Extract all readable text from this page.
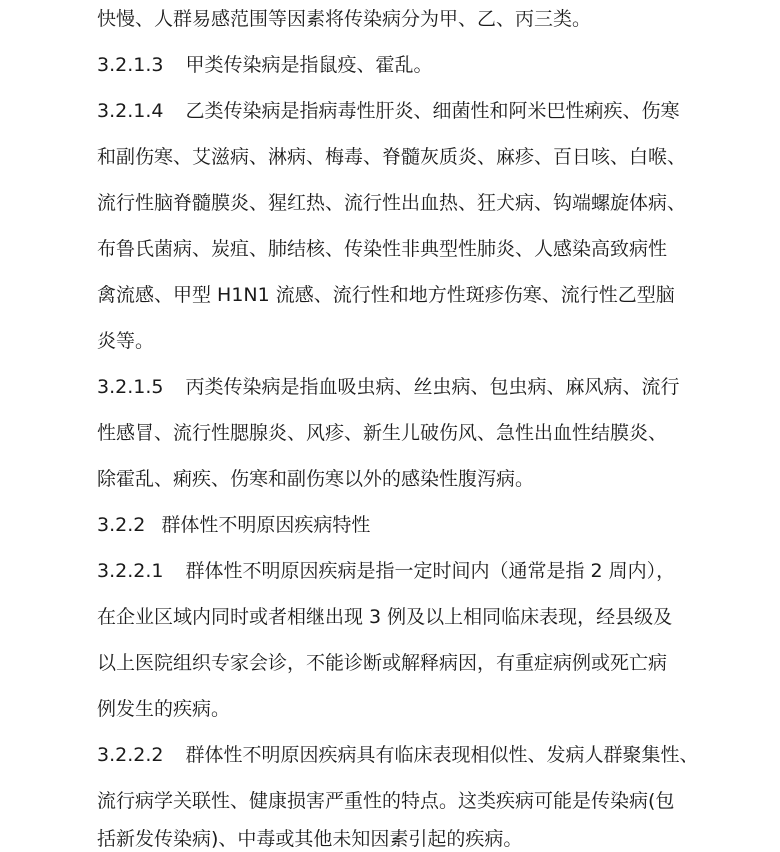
快慢、人群易感范围等因素将传染病分为甲、乙、丙三类。
3.2.1.3 甲类传染病是指鼠疫、霍乱。
3.2.1.4 乙类传染病是指病毒性肝炎、细菌性和阿米巴性痢疾、伤寒
和副伤寒、艾滋病、淋病、梅毒、脊髓灰质炎、麻疹、百日咳、白喉、
流行性脑脊髓膜炎、猩红热、流行性出血热、狂犬病、钩端螺旋体病、
布鲁氏菌病、炭疽、肺结核、传染性非典型性肺炎、人感染高致病性
禽流感、甲型 H1N1 流感、流行性和地方性斑疹伤寒、流行性乙型脑
炎等。
3.2.1.5 丙类传染病是指血吸虫病、丝虫病、包虫病、麻风病、流行
性感冒、流行性腮腺炎、风疹、新生儿破伤风、急性出血性结膜炎、
除霍乱、痢疾、伤寒和副伤寒以外的感染性腹泻病。
3.2.2 群体性不明原因疾病特性
3.2.2.1 群体性不明原因疾病是指一定时间内（通常是指 2 周内），
在企业区域内同时或者相继出现 3 例及以上相同临床表现，经县级及
以上医院组织专家会诊，不能诊断或解释病因，有重症病例或死亡病
例发生的疾病。
3.2.2.2 群体性不明原因疾病具有临床表现相似性、发病人群聚集性、
流行病学关联性、健康损害严重性的特点。这类疾病可能是传染病(包
括新发传染病)、中毒或其他未知因素引起的疾病。
